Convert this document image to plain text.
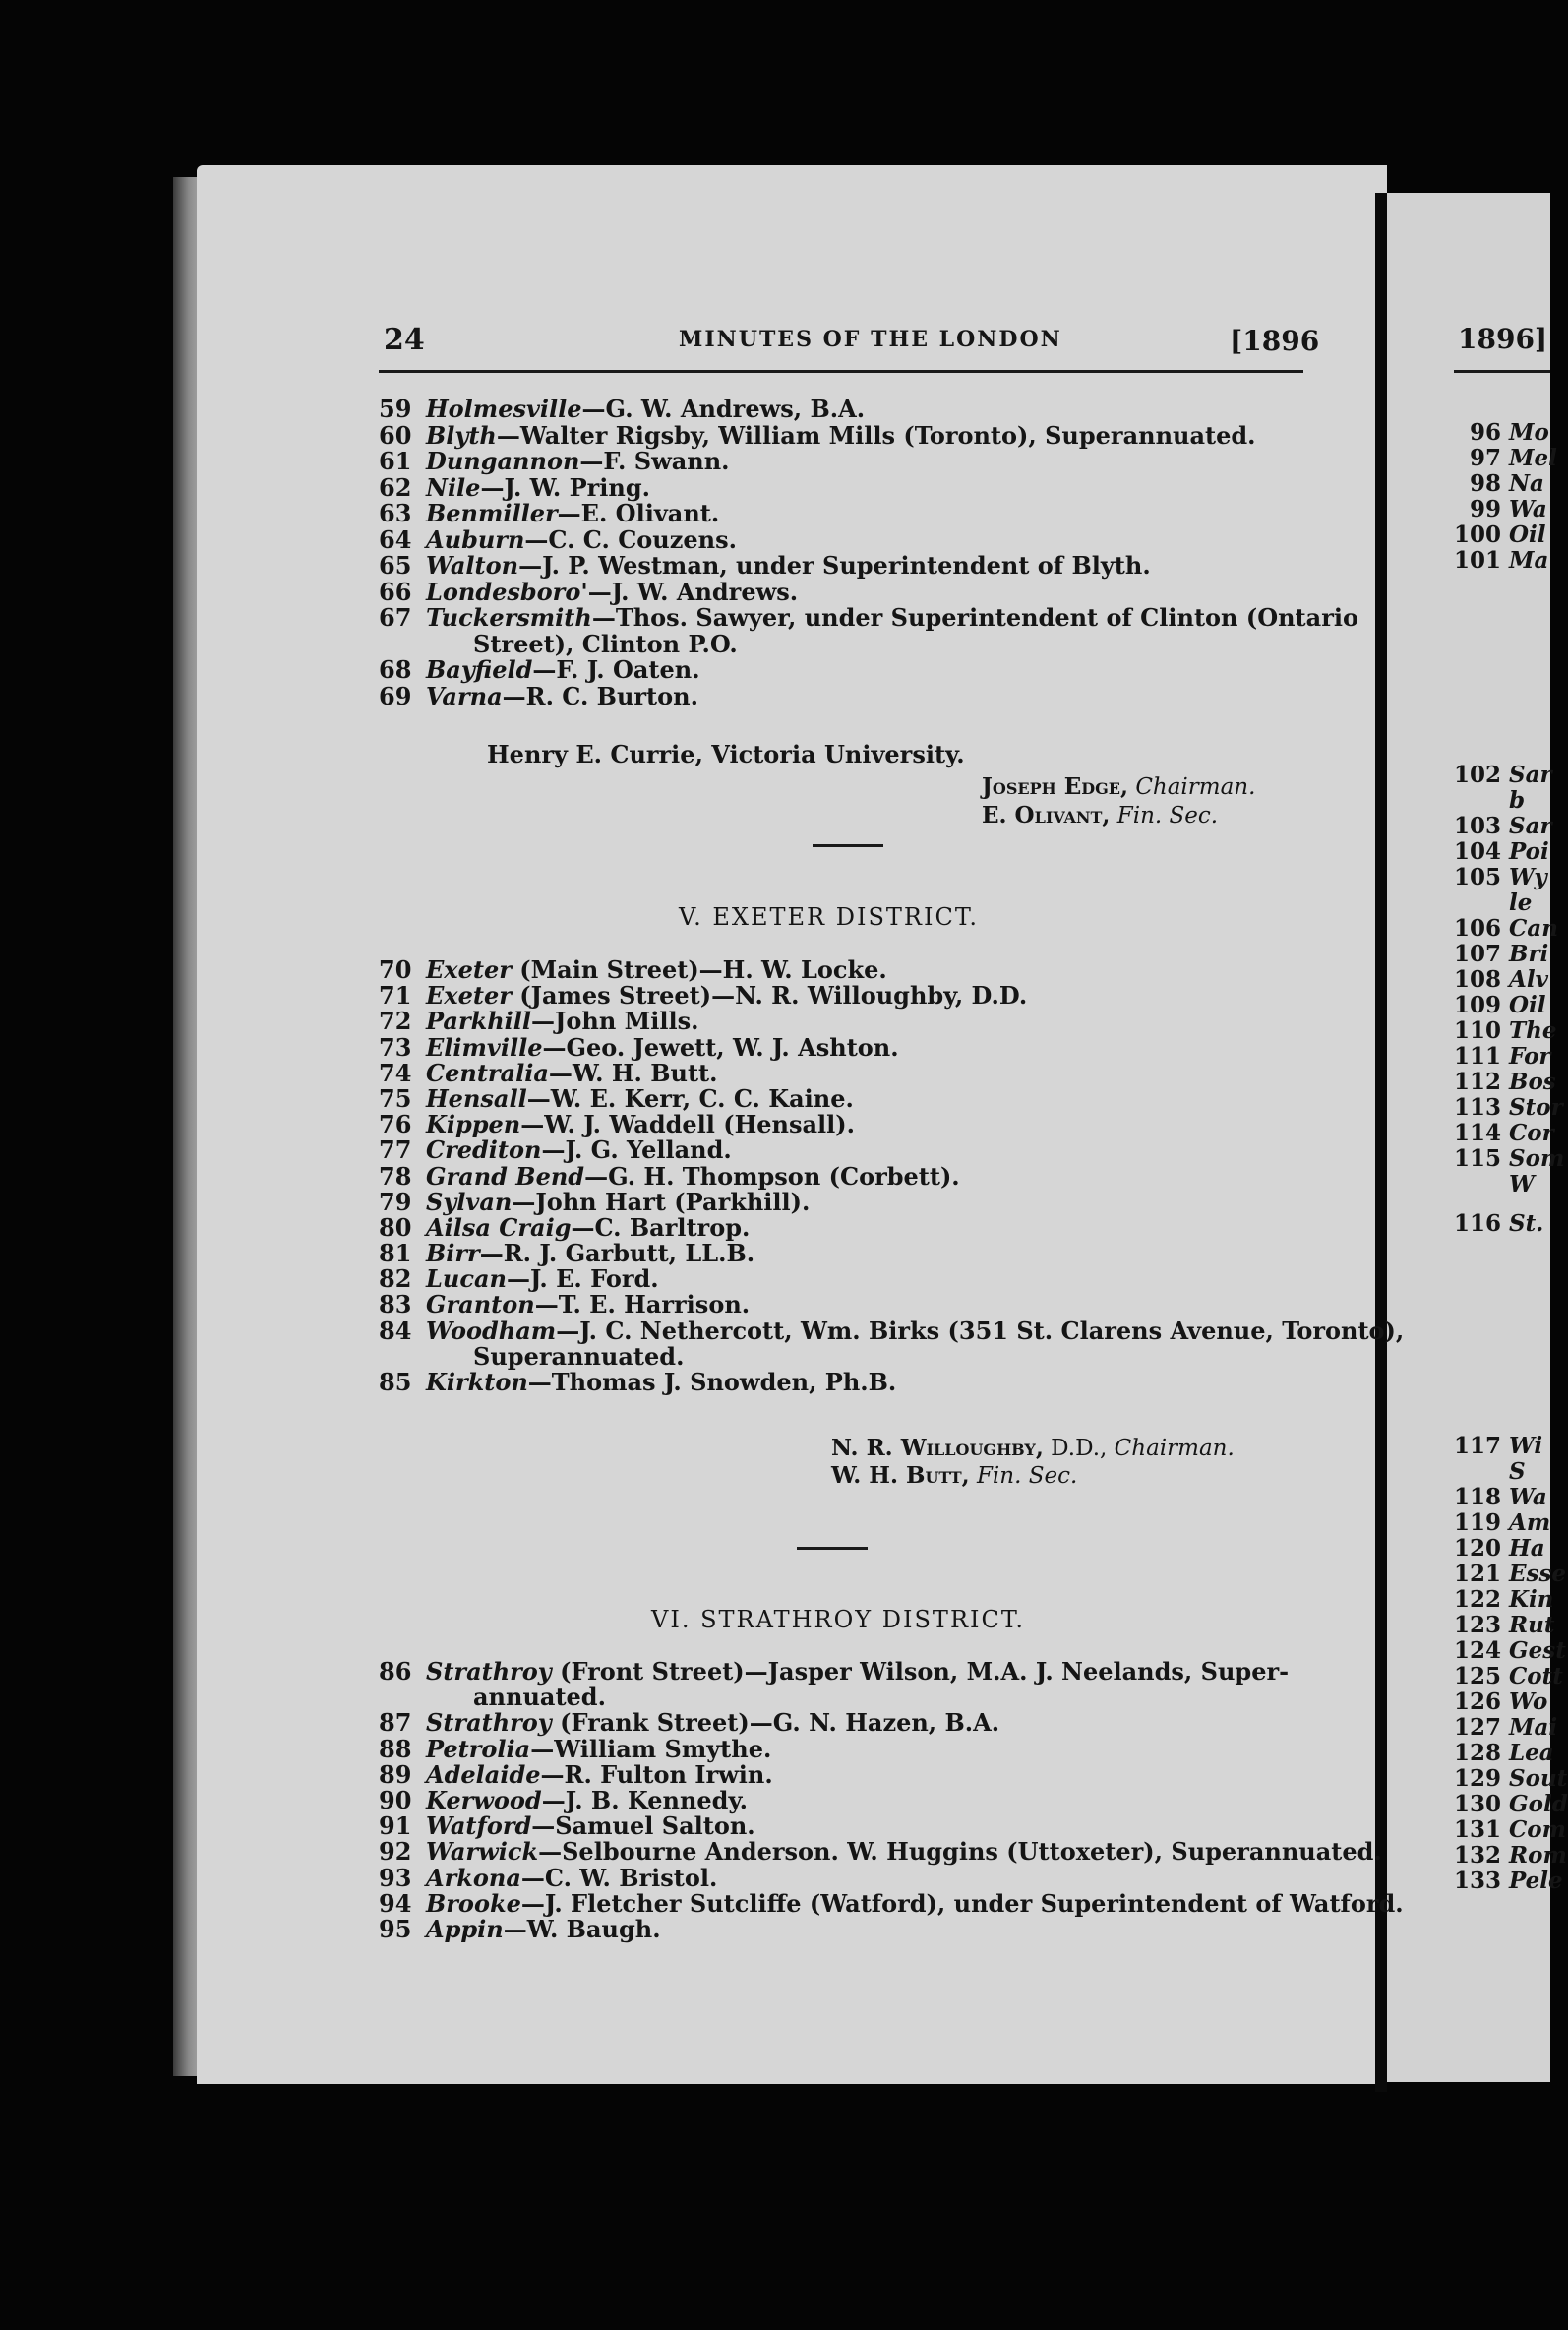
24	MINUTES OF THE LONDON	[1896
59 Holmesville—G. W. Andrews, B.A.
60 Blyth—Walter Rigsby, William Mills (Toronto), Superannuated.
61 Dungannon—F. Swann.
62 Nile—J. W. Pring.
63 Benmiller—E. Olivant.
64 Auburn—C. C. Couzens.
65 Walton—J. P. Westman, under Superintendent of Blyth.
66 Londesboro'—J. W. Andrews.
67 Tuckersmith—Thos. Sawyer, under Superintendent of Clinton (Ontario
Street), Clinton P.O.
68 Bayfield—F. J. Oaten.
69 Varna—R. C. Burton.
Henry E. Currie, Victoria University.
Joseph Edge, Chairman.
E. Olivant, Fin. Sec.
V. EXETER DISTRICT.
70 Exeter (Main Street)—H. W. Locke.
71 Exeter (James Street)—N. R. Willoughby, D.D.
72 Parkhill—John Mills.
73 Elimville—Geo. Jewett, W. J. Ashton.
74 Centralia—W. H. Butt.
75 Hensall—W. E. Kerr, C. C. Kaine.
76 Kippen—W. J. Waddell (Hensall).
77 Crediton—J. G. Yelland.
78 Grand Bend—G. H. Thompson (Corbett).
79 Sylvan—John Hart (Parkhill).
80 Ailsa Craig—C. Barltrop.
81 Birr—R. J. Garbutt, LL.B.
82 Lucan—J. E. Ford.
83 Granton—T. E. Harrison.
84 Woodham—J. C. Nethercott, Wm. Birks (351 St. Clarens Avenue, Toronto),
Superannuated.
85 Kirkton—Thomas J. Snowden, Ph.B.
N. R. Willoughby, D.D., Chairman.
W. H. Butt, Fin. Sec.
VI. STRATHROY DISTRICT.
86 Strathroy (Front Street)—Jasper Wilson, M.A. J. Neelands, Super-
annuated.
87 Strathroy (Frank Street)—G. N. Hazen, B.A.
88 Petrolia—William Smythe.
89 Adelaide—R. Fulton Irwin.
90 Kerwood—J. B. Kennedy.
91 Watford—Samuel Salton.
92 Warwick—Selbourne Anderson. W. Huggins (Uttoxeter), Superannuated.
93 Arkona—C. W. Bristol.
94 Brooke—J. Fletcher Sutcliffe (Watford), under Superintendent of Watford.
95 Appin—W. Baugh.
1896]
96 Mo
97 Mel
98 Na
99 Wa
100 Oil
101 Ma
102 Sar
b
103 Sar
104 Poi
105 Wy
le
106 Can
107 Bri
108 Alv
109 Oil
110 The
111 For
112 Bos
113 Stor
114 Cor
115 Som
W
116 St.
117 Wi
S
118 Wa
119 Am
120 Ha
121 Esse
122 Kin
123 Rut
124 Gest
125 Cott
126 Wo
127 Mai
128 Lea
129 Sout
130 Gold
131 Com
132 Rom
133 Pele
